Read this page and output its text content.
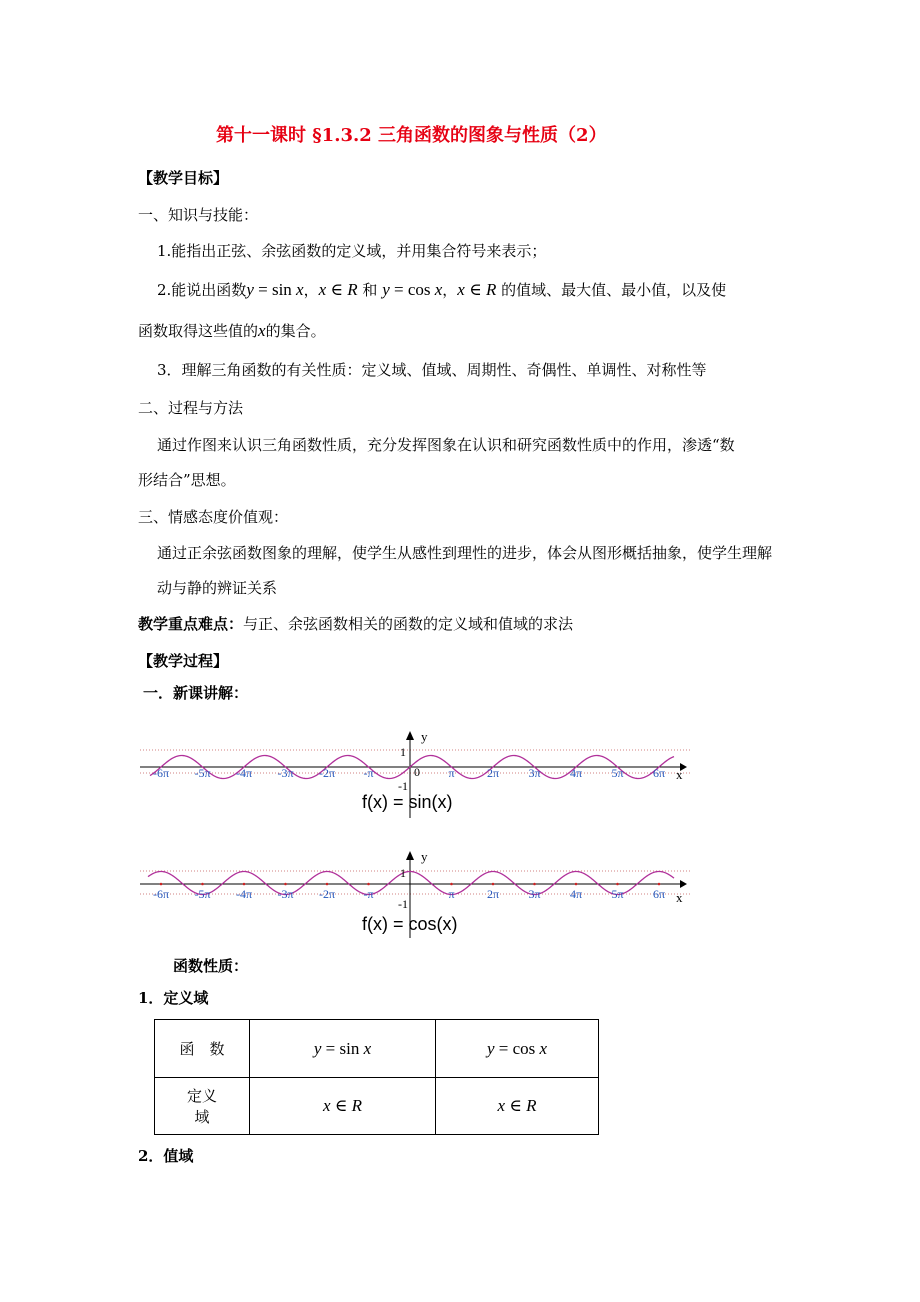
第十一课时 §1.3.2 三角函数的图象与性质（2）
【教学目标】
一、知识与技能：
1.能指出正弦、余弦函数的定义域，并用集合符号来表示；
2.能说出函数y = sin x，x ∈ R 和 y = cos x，x ∈ R 的值域、最大值、最小值，以及使
函数取得这些值的x的集合。
3．理解三角函数的有关性质：定义域、值域、周期性、奇偶性、单调性、对称性等
二、过程与方法
通过作图来认识三角函数性质，充分发挥图象在认识和研究函数性质中的作用，渗透“数
形结合”思想。
三、情感态度价值观：
通过正余弦函数图象的理解，使学生从感性到理性的进步，体会从图形概括抽象，使学生理解
动与静的辨证关系
教学重点难点：与正、余弦函数相关的函数的定义域和值域的求法
【教学过程】
一．新课讲解：
-6π -5π -4π -3π -2π -π	π	2π 3π 4π 5π 6π x
y
1
-1
0
f(x) = sin(x)
-6π -5π -4π -3π -2π -π	π	2π 3π 4π 5π 6π x
y
1
-1
f(x) = cos(x)
函数性质：
1．定义域
函　数	y = sin x	y = cos x

定义
域	x ∈ R	x ∈ R
2．值域
